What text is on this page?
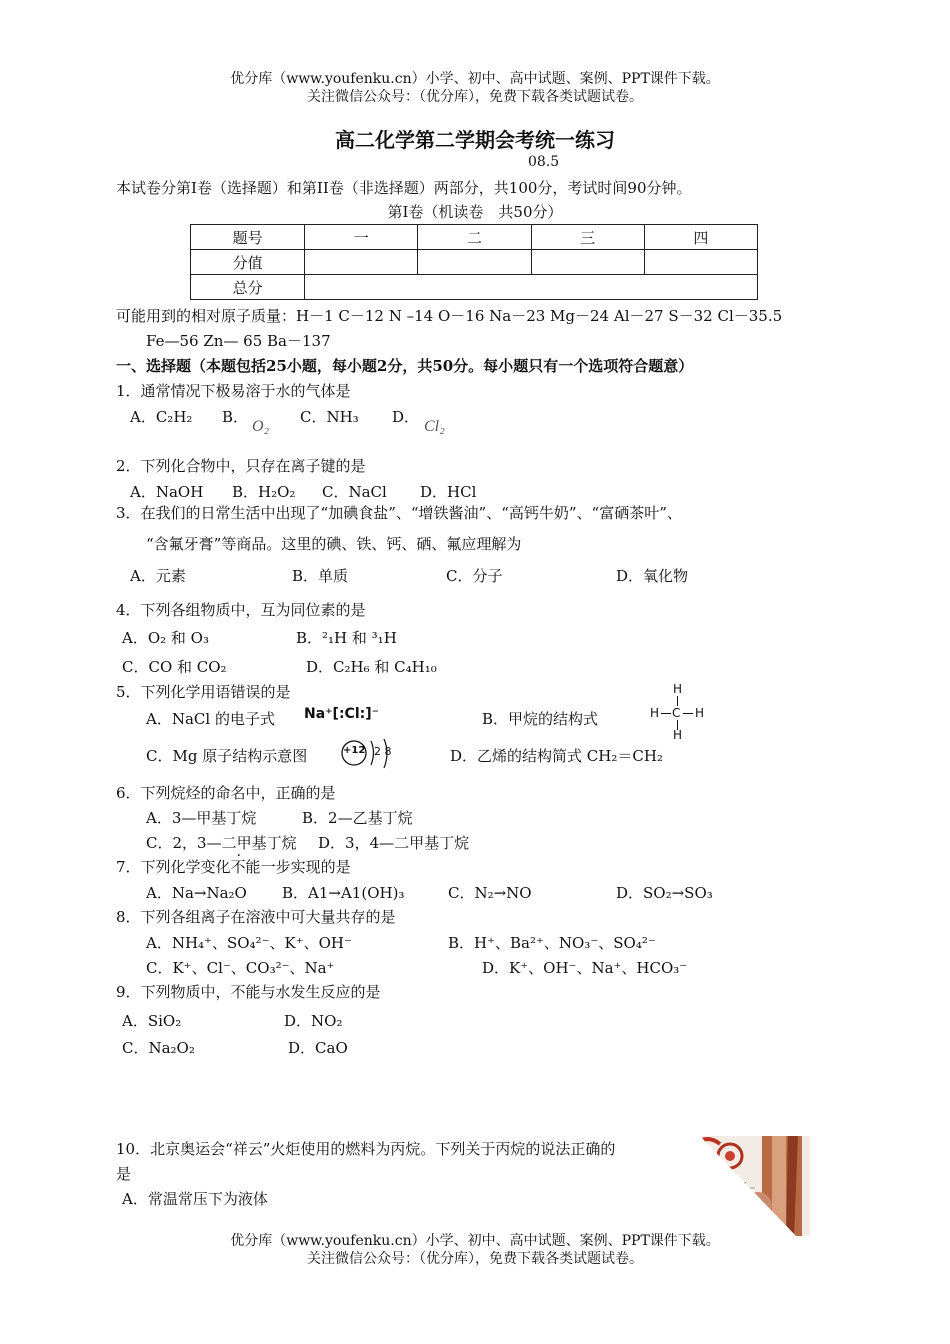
优分库（www.youfenku.cn）小学、初中、高中试题、案例、PPT课件下载。
关注微信公众号：（优分库），免费下载各类试题试卷。
高二化学第二学期会考统一练习
08.5
本试卷分第I卷（选择题）和第II卷（非选择题）两部分，共100分，考试时间90分钟。
第I卷（机读卷　共50分）
题号	一	二	三	四
分值				
总分				
可能用到的相对原子质量：H－1 C－12 N –14 O－16 Na－23 Mg－24 Al－27 S－32 Cl－35.5
Fe—56 Zn— 65 Ba－137
一、选择题（本题包括25小题，每小题2分，共50分。每小题只有一个选项符合题意）
1．通常情况下极易溶于水的气体是
A．C₂H₂ B．
O₂
C．NH₃ D．
Cl₂
2．下列化合物中，只存在离子键的是
A．NaOH B．H₂O₂ C．NaCl D．HCl
3．在我们的日常生活中出现了“加碘食盐”、“增铁酱油”、“高钙牛奶”、“富硒茶叶”、
“含氟牙膏”等商品。这里的碘、铁、钙、硒、氟应理解为
A．元素	B．单质	C．分子	D．氧化物
4．下列各组物质中，互为同位素的是
A．O₂ 和 O₃	B．²₁H 和 ³₁H
C．CO 和 CO₂	D．C₂H₆ 和 C₄H₁₀
5．下列化学用语错误的是
A．NaCl 的电子式 Na⁺[:Cl:]⁻	B．甲烷的结构式
H
H C H
H
C．Mg 原子结构示意图	+12 2 8	D．乙烯的结构简式 CH₂＝CH₂
6．下列烷烃的命名中，正确的是
A．3—甲基丁烷	B．2—乙基丁烷
C．2，3—二甲基丁烷 D．3，4—二甲基丁烷
7．下列化学变化不能一步实现的是
A．Na→Na₂O B．A1→A1(OH)₃	C．N₂→NO	D．SO₂→SO₃
8．下列各组离子在溶液中可大量共存的是
A．NH₄⁺、SO₄²⁻、K⁺、OH⁻	B．H⁺、Ba²⁺、NO₃⁻、SO₄²⁻
C．K⁺、Cl⁻、CO₃²⁻、Na⁺	D．K⁺、OH⁻、Na⁺、HCO₃⁻
9．下列物质中，不能与水发生反应的是
A．SiO₂	D．NO₂
C．Na₂O₂	D．CaO
10．北京奥运会“祥云”火炬使用的燃料为丙烷。下列关于丙烷的说法正确的
是
A．常温常压下为液体
优分库（www.youfenku.cn）小学、初中、高中试题、案例、PPT课件下载。
关注微信公众号：（优分库），免费下载各类试题试卷。
